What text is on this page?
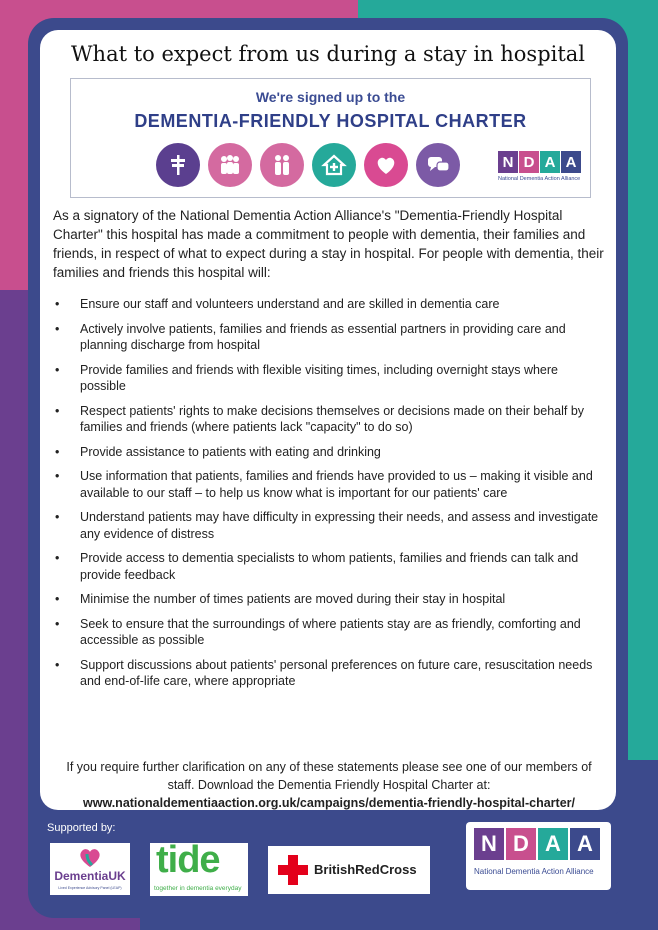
What to expect from us during a stay in hospital
We're signed up to the
DEMENTIA-FRIENDLY HOSPITAL CHARTER
N D A A
National Dementia Action Alliance
As a signatory of the National Dementia Action Alliance's "Dementia-Friendly Hospital Charter" this hospital has made a commitment to people with dementia, their families and friends, in respect of what to expect during a stay in hospital. For people with dementia, their families and friends this hospital will:
• Ensure our staff and volunteers understand and are skilled in dementia care
• Actively involve patients, families and friends as essential partners in providing care and planning discharge from hospital
• Provide families and friends with flexible visiting times, including overnight stays where possible
• Respect patients' rights to make decisions themselves or decisions made on their behalf by families and friends (where patients lack "capacity" to do so)
• Provide assistance to patients with eating and drinking
• Use information that patients, families and friends have provided to us – making it visible and available to our staff – to help us know what is important for our patients' care
• Understand patients may have difficulty in expressing their needs, and assess and investigate any evidence of distress
• Provide access to dementia specialists to whom patients, families and friends can talk and provide feedback
• Minimise the number of times patients are moved during their stay in hospital
• Seek to ensure that the surroundings of where patients stay are as friendly, comforting and accessible as possible
• Support discussions about patients' personal preferences on future care, resuscitation needs and end-of-life care, where appropriate
If you require further clarification on any of these statements please see one of our members of staff. Download the Dementia Friendly Hospital Charter at:
www.nationaldementiaaction.org.uk/campaigns/dementia-friendly-hospital-charter/
Supported by:
DementiaUK
Lived Experience Advisory Panel (LEAP)
tide
together in dementia everyday
BritishRedCross
N D A A
National Dementia Action Alliance
